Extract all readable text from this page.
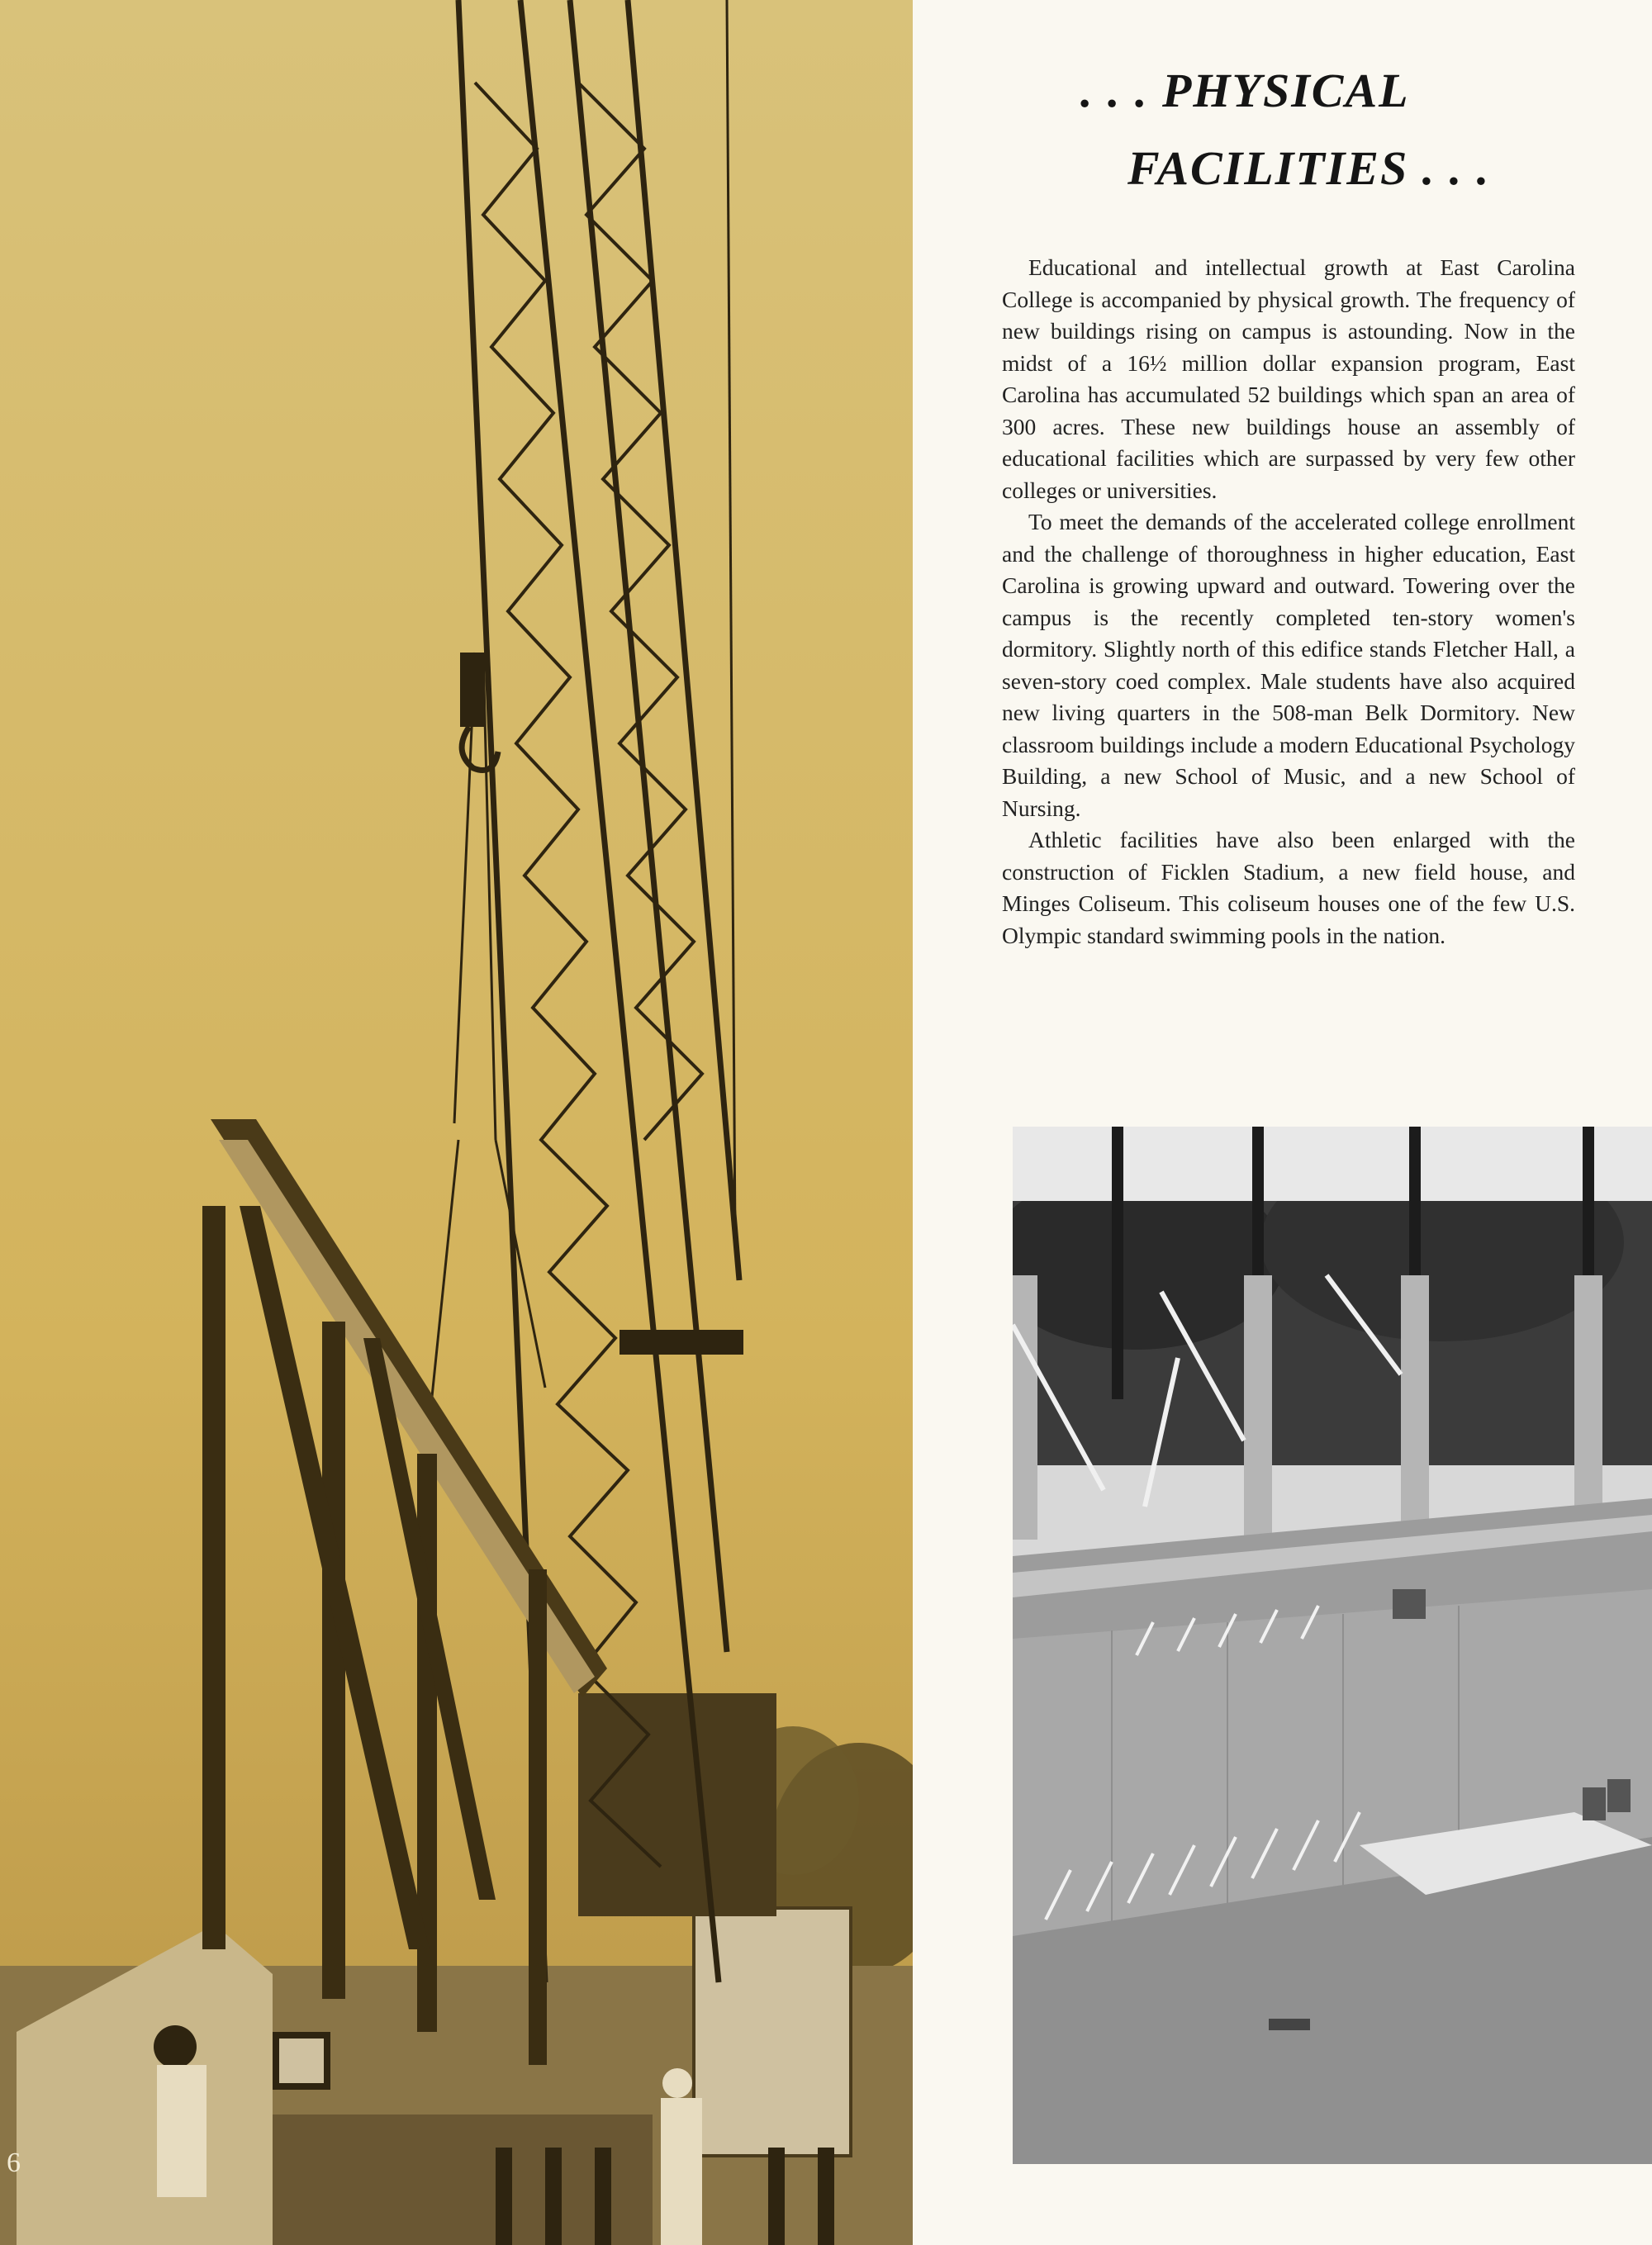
6
. . . PHYSICAL
FACILITIES . . .

Educational and intellectual growth at East Carolina College is accompanied by physical growth. The frequency of new buildings rising on campus is astounding. Now in the midst of a 16½ million dollar expansion program, East Carolina has accumulated 52 buildings which span an area of 300 acres. These new buildings house an assembly of educational facilities which are surpassed by very few other colleges or universities.

To meet the demands of the accelerated college enrollment and the challenge of thoroughness in higher education, East Carolina is growing upward and outward. Towering over the campus is the recently completed ten-story women's dormitory. Slightly north of this edifice stands Fletcher Hall, a seven-story coed complex. Male students have also acquired new living quarters in the 508-man Belk Dormitory. New classroom buildings include a modern Educational Psychology Building, a new School of Music, and a new School of Nursing.

Athletic facilities have also been enlarged with the construction of Ficklen Stadium, a new field house, and Minges Coliseum. This coliseum houses one of the few U.S. Olympic standard swimming pools in the nation.
